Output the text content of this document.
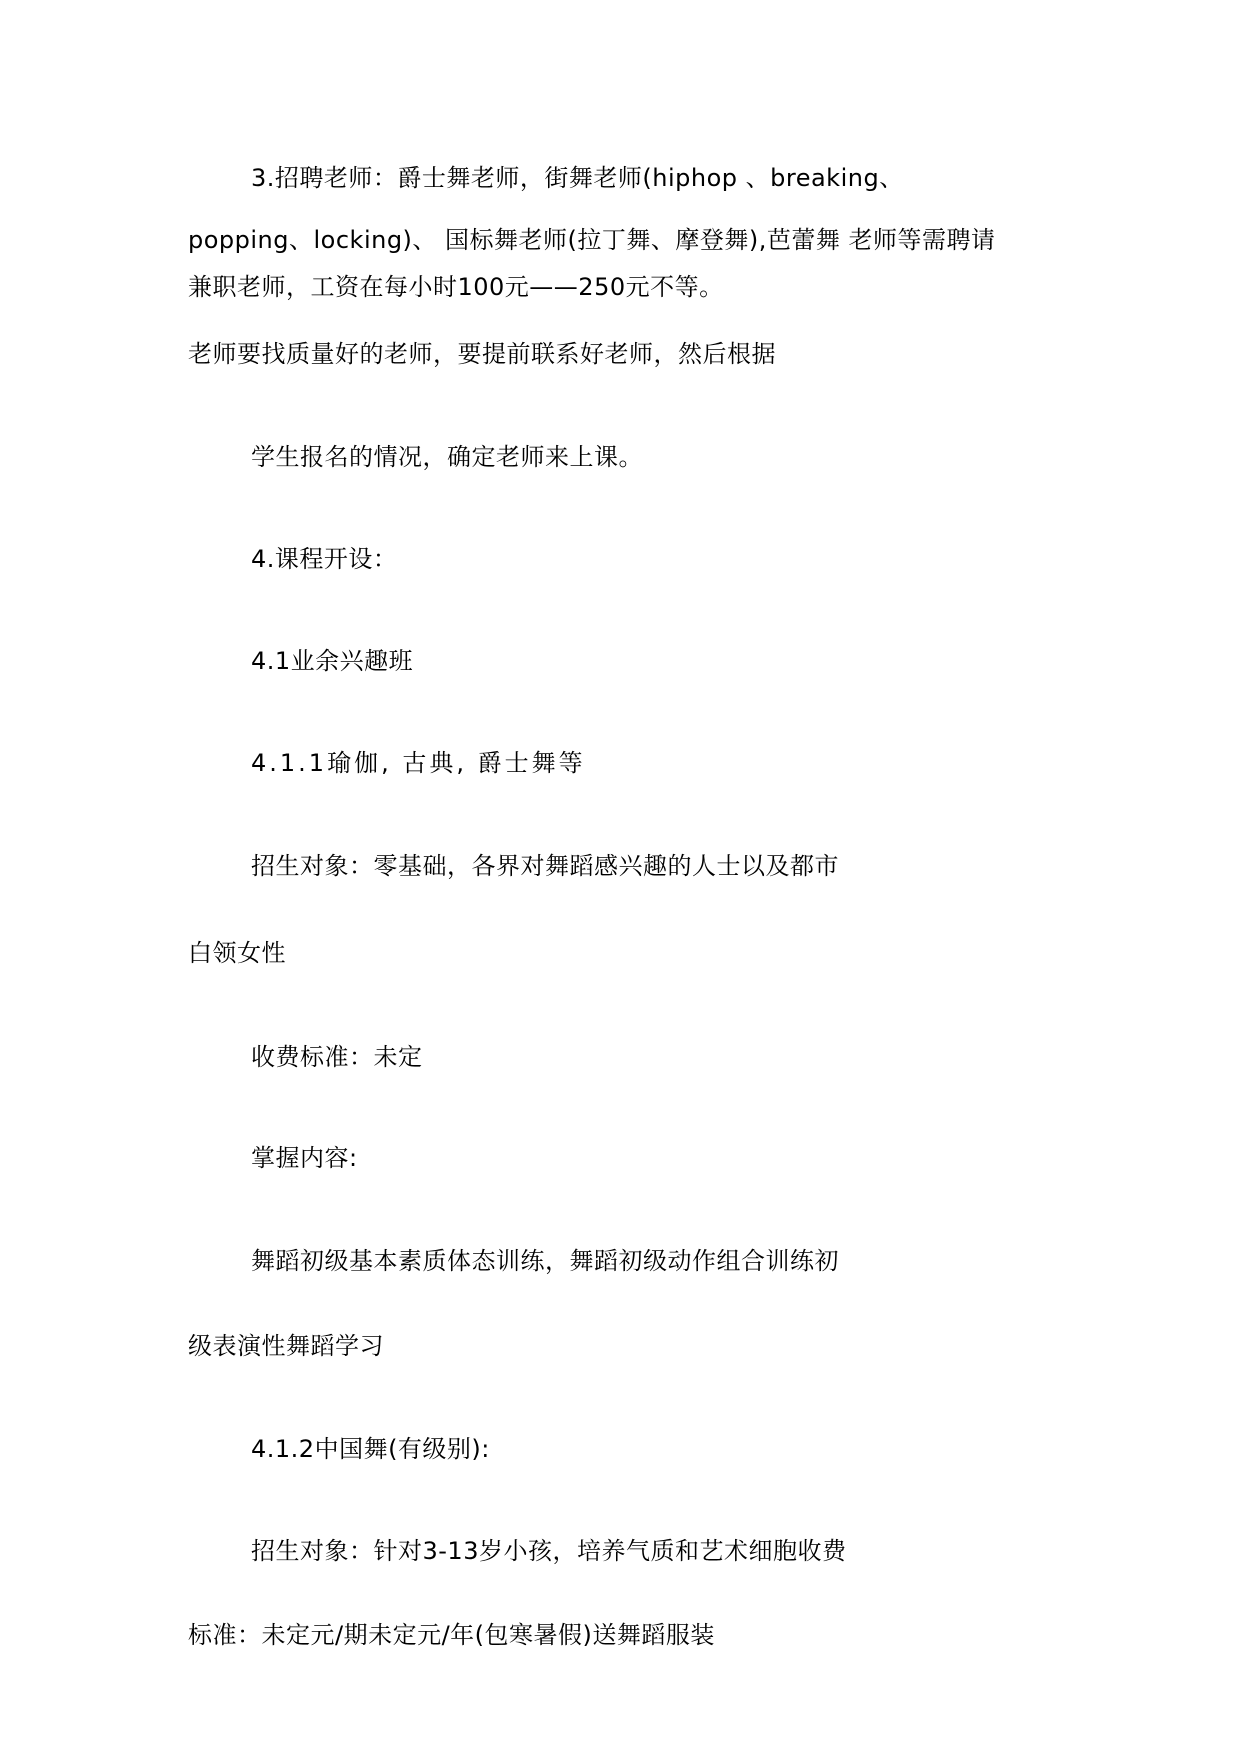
3.招聘老师：爵士舞老师，街舞老师(hiphop 、breaking、
popping、locking)、 国标舞老师(拉丁舞、摩登舞),芭蕾舞 老师等需聘请
兼职老师，工资在每小时100元——250元不等。
老师要找质量好的老师，要提前联系好老师，然后根据
学生报名的情况，确定老师来上课。
4.课程开设：
4.1业余兴趣班
4.1.1瑜伽, 古典, 爵士舞等
招生对象：零基础，各界对舞蹈感兴趣的人士以及都市
白领女性
收费标准：未定
掌握内容:
舞蹈初级基本素质体态训练，舞蹈初级动作组合训练初
级表演性舞蹈学习
4.1.2中国舞(有级别):
招生对象：针对3-13岁小孩，培养气质和艺术细胞收费
标准：未定元/期未定元/年(包寒暑假)送舞蹈服装
